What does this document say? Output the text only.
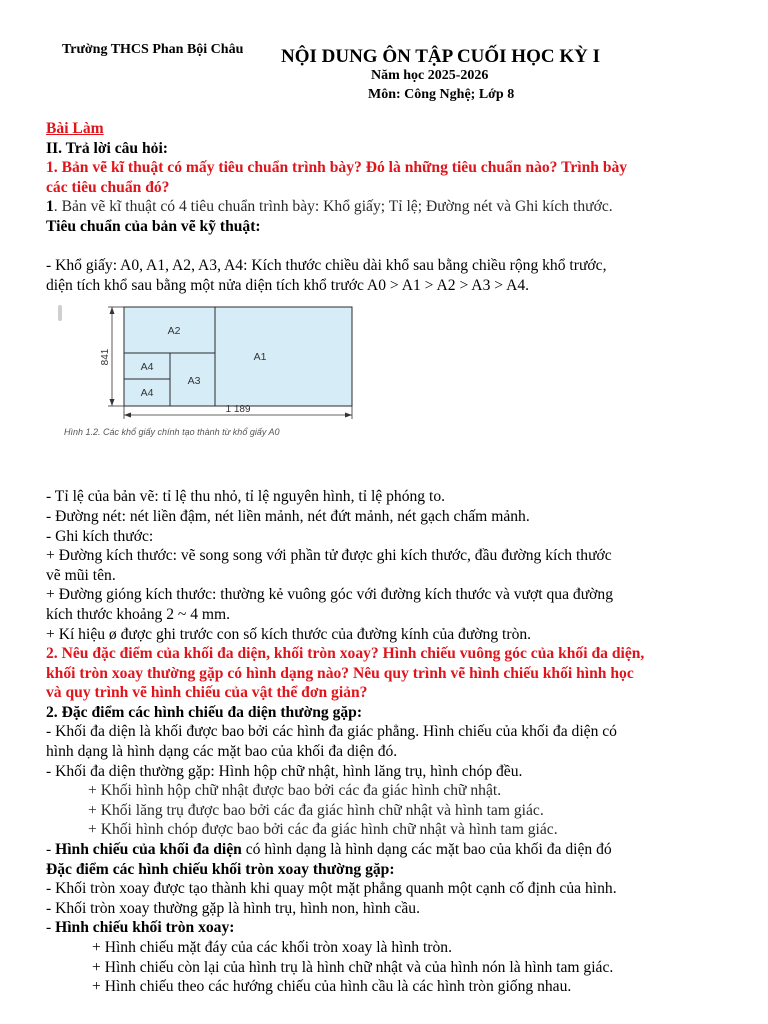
Trường THCS Phan Bội Châu NỘI DUNG ÔN TẬP CUỐI HỌC KỲ I
Năm học 2025-2026
Môn: Công Nghệ; Lớp 8

Bài Làm

II. Trả lời câu hỏi:

1. Bản vẽ kĩ thuật có mấy tiêu chuẩn trình bày? Đó là những tiêu chuẩn nào? Trình bày

các tiêu chuẩn đó?

1. Bản vẽ kĩ thuật có 4 tiêu chuẩn trình bày: Khổ giấy; Tỉ lệ; Đường nét và Ghi kích thước.

Tiêu chuẩn của bản vẽ kỹ thuật:

- Khổ giấy: A0, A1, A2, A3, A4: Kích thước chiều dài khổ sau bằng chiều rộng khổ trước,

diện tích khổ sau bằng một nửa diện tích khổ trước A0 > A1 > A2 > A3 > A4.

A2
A1
A4
A4
A3
841
1 189
Hình 1.2. Các khổ giấy chính tạo thành từ khổ giấy A0

- Tỉ lệ của bản vẽ: tỉ lệ thu nhỏ, tỉ lệ nguyên hình, tỉ lệ phóng to.

- Đường nét: nét liền đậm, nét liền mảnh, nét đứt mảnh, nét gạch chấm mảnh.

- Ghi kích thước:

+ Đường kích thước: vẽ song song với phần tử được ghi kích thước, đầu đường kích thước

vẽ mũi tên.

+ Đường gióng kích thước: thường kẻ vuông góc với đường kích thước và vượt qua đường

kích thước khoảng 2 ~ 4 mm.

+ Kí hiệu ø được ghi trước con số kích thước của đường kính của đường tròn.

2. Nêu đặc điểm của khối đa diện, khối tròn xoay? Hình chiếu vuông góc của khối đa diện,

khối tròn xoay thường gặp có hình dạng nào? Nêu quy trình vẽ hình chiếu khối hình học

và quy trình vẽ hình chiếu của vật thể đơn giản?

2. Đặc điểm các hình chiếu đa diện thường gặp:

- Khối đa diện là khối được bao bởi các hình đa giác phẳng. Hình chiếu của khối đa diện có

hình dạng là hình dạng các mặt bao của khối đa diện đó.

- Khối đa diện thường gặp: Hình hộp chữ nhật, hình lăng trụ, hình chóp đều.

+ Khối hình hộp chữ nhật được bao bởi các đa giác hình chữ nhật.

+ Khối lăng trụ được bao bởi các đa giác hình chữ nhật và hình tam giác.

+ Khối hình chóp được bao bởi các đa giác hình chữ nhật và hình tam giác.

- Hình chiếu của khối đa diện có hình dạng là hình dạng các mặt bao của khối đa diện đó

Đặc điểm các hình chiếu khối tròn xoay thường gặp:

- Khối tròn xoay được tạo thành khi quay một mặt phẳng quanh một cạnh cố định của hình.

- Khối tròn xoay thường gặp là hình trụ, hình non, hình cầu.

- Hình chiếu khối tròn xoay:

+ Hình chiếu mặt đáy của các khối tròn xoay là hình tròn.

+ Hình chiếu còn lại của hình trụ là hình chữ nhật và của hình nón là hình tam giác.

+ Hình chiếu theo các hướng chiếu của hình cầu là các hình tròn giống nhau.
